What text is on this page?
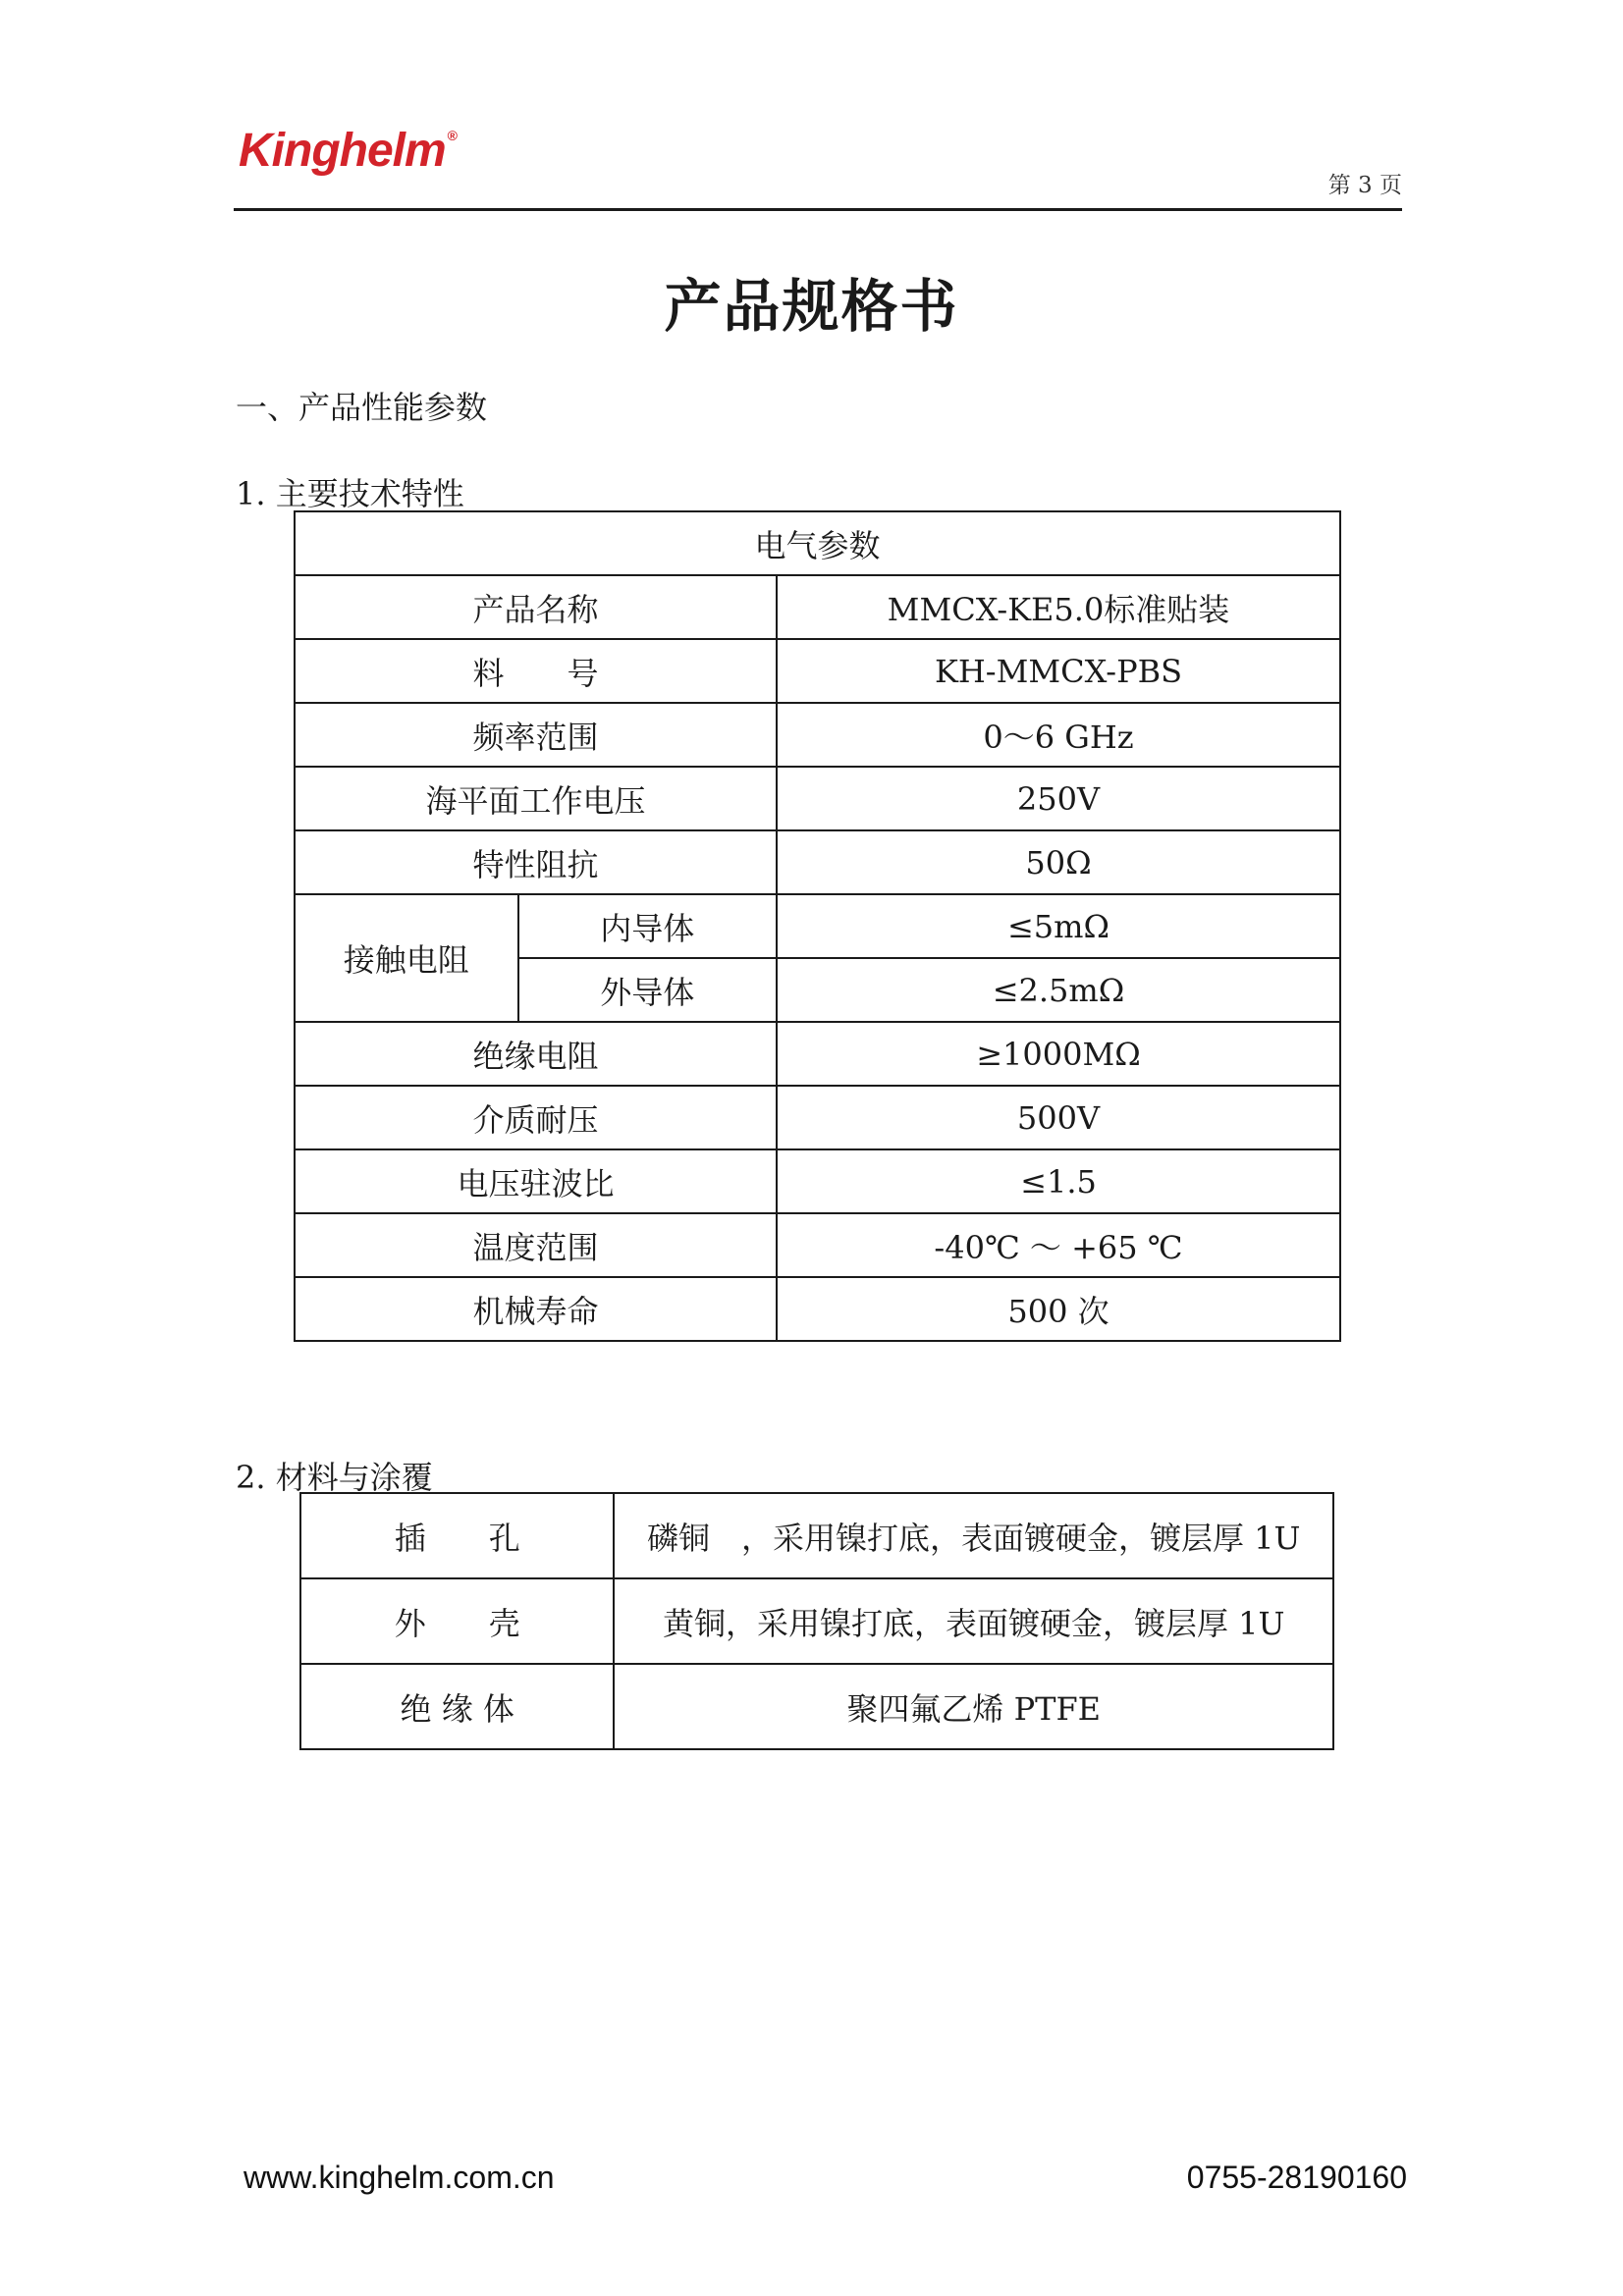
Kinghelm ®
第 3 页
产品规格书
一、产品性能参数
1. 主要技术特性
电气参数		
产品名称		MMCX-KE5.0标准贴装
料　　号		KH-MMCX-PBS
频率范围		0～6 GHz
海平面工作电压		250V
特性阻抗		50Ω
接触电阻	内导体	≤5mΩ
	外导体	≤2.5mΩ
绝缘电阻		≥1000MΩ
介质耐压		500V
电压驻波比		≤1.5
温度范围		-40℃ ～ +65 ℃
机械寿命		500 次
2. 材料与涂覆
插　　孔	磷铜　，采用镍打底，表面镀硬金，镀层厚 1U
外　　壳	黄铜，采用镍打底，表面镀硬金，镀层厚 1U
绝 缘 体	聚四氟乙烯 PTFE
www.kinghelm.com.cn	0755-28190160
